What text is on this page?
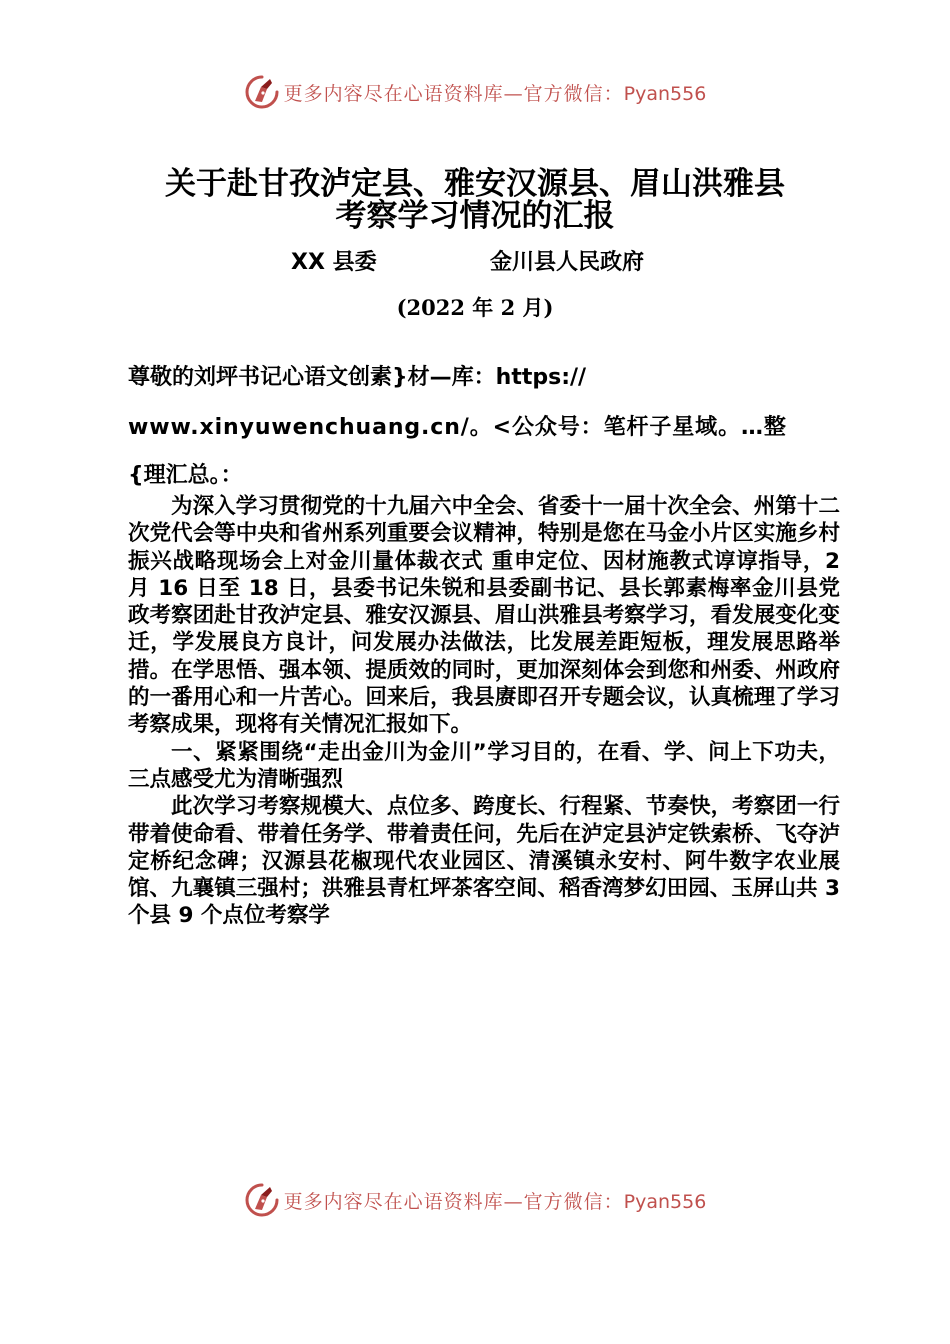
更多内容尽在心语资料库—官方微信：Pyan556
关于赴甘孜泸定县、雅安汉源县、眉山洪雅县
考察学习情况的汇报
XX 县委	金川县人民政府
(2022 年 2 月)

尊敬的刘坪书记心语文创素}材—库：https://

www.xinyuwenchuang.cn/。<公众号：笔杆子星域。…整

{理汇总。：

为深入学习贯彻党的十九届六中全会、省委十一届十次全会、州第十二次党代会等中央和省州系列重要会议精神，特别是您在马金小片区实施乡村振兴战略现场会上对金川量体裁衣式 重申定位、因材施教式谆谆指导，2 月 16 日至 18 日，县委书记朱锐和县委副书记、县长郭素梅率金川县党政考察团赴甘孜泸定县、雅安汉源县、眉山洪雅县考察学习，看发展变化变迁，学发展良方良计，问发展办法做法，比发展差距短板，理发展思路举措。在学思悟、强本领、提质效的同时，更加深刻体会到您和州委、州政府的一番用心和一片苦心。回来后，我县赓即召开专题会议，认真梳理了学习考察成果，现将有关情况汇报如下。

一、紧紧围绕“走出金川为金川”学习目的，在看、学、问上下功夫，三点感受尤为清晰强烈

此次学习考察规模大、点位多、跨度长、行程紧、节奏快，考察团一行带着使命看、带着任务学、带着责任问，先后在泸定县泸定铁索桥、飞夺泸定桥纪念碑；汉源县花椒现代农业园区、清溪镇永安村、阿牛数字农业展馆、九襄镇三强村；洪雅县青杠坪茶客空间、稻香湾梦幻田园、玉屏山共 3 个县 9 个点位考察学

更多内容尽在心语资料库—官方微信：Pyan556
